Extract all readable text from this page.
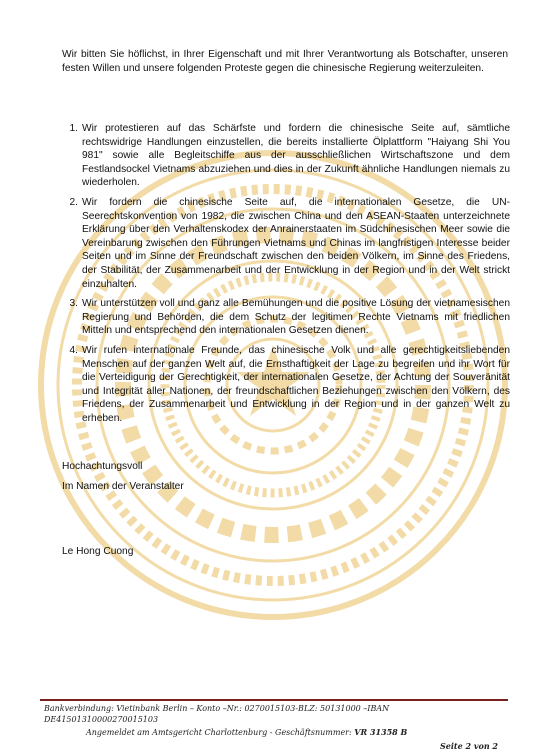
Wir bitten Sie höflichst, in Ihrer Eigenschaft und mit Ihrer Verantwortung als Botschafter, unseren festen Willen und unsere folgenden Proteste gegen die chinesische Regierung weiterzuleiten.

1. Wir protestieren auf das Schärfste und fordern die chinesische Seite auf, sämtliche rechtswidrige Handlungen einzustellen, die bereits installierte Ölplattform "Haiyang Shi You 981" sowie alle Begleitschiffe aus der ausschließlichen Wirtschaftszone und dem Festlandsockel Vietnams abzuziehen und dies in der Zukunft ähnliche Handlungen niemals zu wiederholen.
2. Wir fordern die chinesische Seite auf, die internationalen Gesetze, die UN-Seerechtskonvention von 1982, die zwischen China und den ASEAN-Staaten unterzeichnete Erklärung über den Verhaltenskodex der Anrainerstaaten im Südchinesischen Meer sowie die Vereinbarung zwischen den Führungen Vietnams und Chinas im langfristigen Interesse beider Seiten und im Sinne der Freundschaft zwischen den beiden Völkern, im Sinne des Friedens, der Stabilität, der Zusammenarbeit und der Entwicklung in der Region und in der Welt strickt einzuhalten.
3. Wir unterstützen voll und ganz alle Bemühungen und die positive Lösung der vietnamesischen Regierung und Behörden, die dem Schutz der legitimen Rechte Vietnams mit friedlichen Mitteln und entsprechend den internationalen Gesetzen dienen.
4. Wir rufen internationale Freunde, das chinesische Volk und alle gerechtigkeitsliebenden Menschen auf der ganzen Welt auf, die Ernsthaftigkeit der Lage zu begreifen und ihr Wort für die Verteidigung der Gerechtigkeit, der internationalen Gesetze, der Achtung der Souveränität und Integrität aller Nationen, der freundschaftlichen Beziehungen zwischen den Völkern, des Friedens, der Zusammenarbeit und Entwicklung in der Region und in der ganzen Welt zu erheben.
Hochachtungsvoll
Im Namen der Veranstalter
Le Hong Cuong
Bankverbindung: Vietinbank Berlin – Konto –Nr.: 0270015103-BLZ: 50131000 –IBAN
DE41501310000270015103
Angemeldet am Amtsgericht Charlottenburg - Geschäftsnummer: VR 31358 B
Seite 2 von 2
